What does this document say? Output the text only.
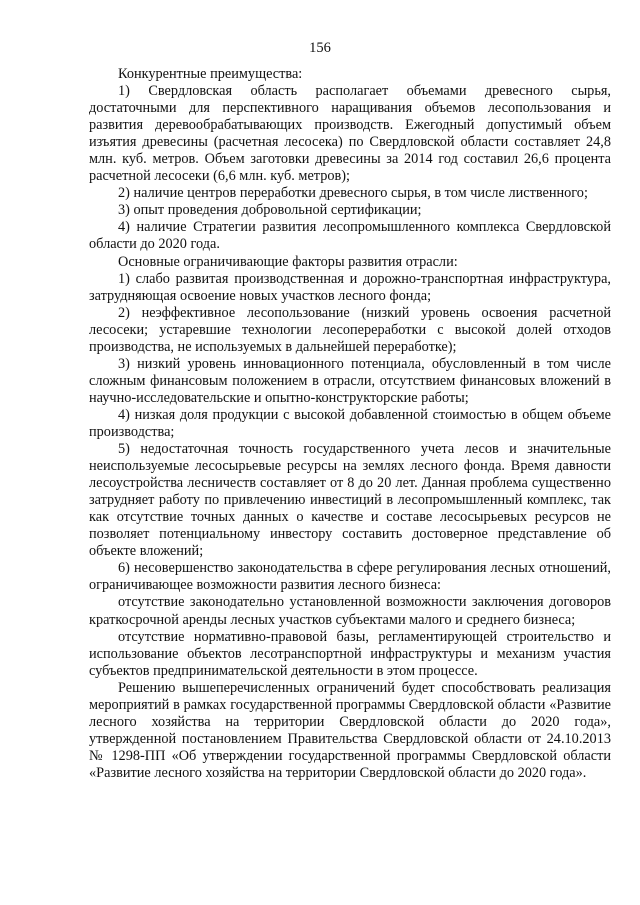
156

Конкурентные преимущества:

1) Свердловская область располагает объемами древесного сырья, достаточными для перспективного наращивания объемов лесопользования и развития деревообрабатывающих производств. Ежегодный допустимый объем изъятия древесины (расчетная лесосека) по Свердловской области составляет 24,8 млн. куб. метров. Объем заготовки древесины за 2014 год составил 26,6 процента расчетной лесосеки (6,6 млн. куб. метров);

2) наличие центров переработки древесного сырья, в том числе лиственного;

3) опыт проведения добровольной сертификации;

4) наличие Стратегии развития лесопромышленного комплекса Свердловской области до 2020 года.

Основные ограничивающие факторы развития отрасли:

1) слабо развитая производственная и дорожно-транспортная инфраструктура, затрудняющая освоение новых участков лесного фонда;

2) неэффективное лесопользование (низкий уровень освоения расчетной лесосеки; устаревшие технологии лесопереработки с высокой долей отходов производства, не используемых в дальнейшей переработке);

3) низкий уровень инновационного потенциала, обусловленный в том числе сложным финансовым положением в отрасли, отсутствием финансовых вложений в научно-исследовательские и опытно-конструкторские работы;

4) низкая доля продукции с высокой добавленной стоимостью в общем объеме производства;

5) недостаточная точность государственного учета лесов и значительные неиспользуемые лесосырьевые ресурсы на землях лесного фонда. Время давности лесоустройства лесничеств составляет от 8 до 20 лет. Данная проблема существенно затрудняет работу по привлечению инвестиций в лесопромышленный комплекс, так как отсутствие точных данных о качестве и составе лесосырьевых ресурсов не позволяет потенциальному инвестору составить достоверное представление об объекте вложений;

6) несовершенство законодательства в сфере регулирования лесных отношений, ограничивающее возможности развития лесного бизнеса:

отсутствие законодательно установленной возможности заключения договоров краткосрочной аренды лесных участков субъектами малого и среднего бизнеса;

отсутствие нормативно-правовой базы, регламентирующей строительство и использование объектов лесотранспортной инфраструктуры и механизм участия субъектов предпринимательской деятельности в этом процессе.

Решению вышеперечисленных ограничений будет способствовать реализация мероприятий в рамках государственной программы Свердловской области «Развитие лесного хозяйства на территории Свердловской области до 2020 года», утвержденной постановлением Правительства Свердловской области от 24.10.2013 № 1298-ПП «Об утверждении государственной программы Свердловской области «Развитие лесного хозяйства на территории Свердловской области до 2020 года».
